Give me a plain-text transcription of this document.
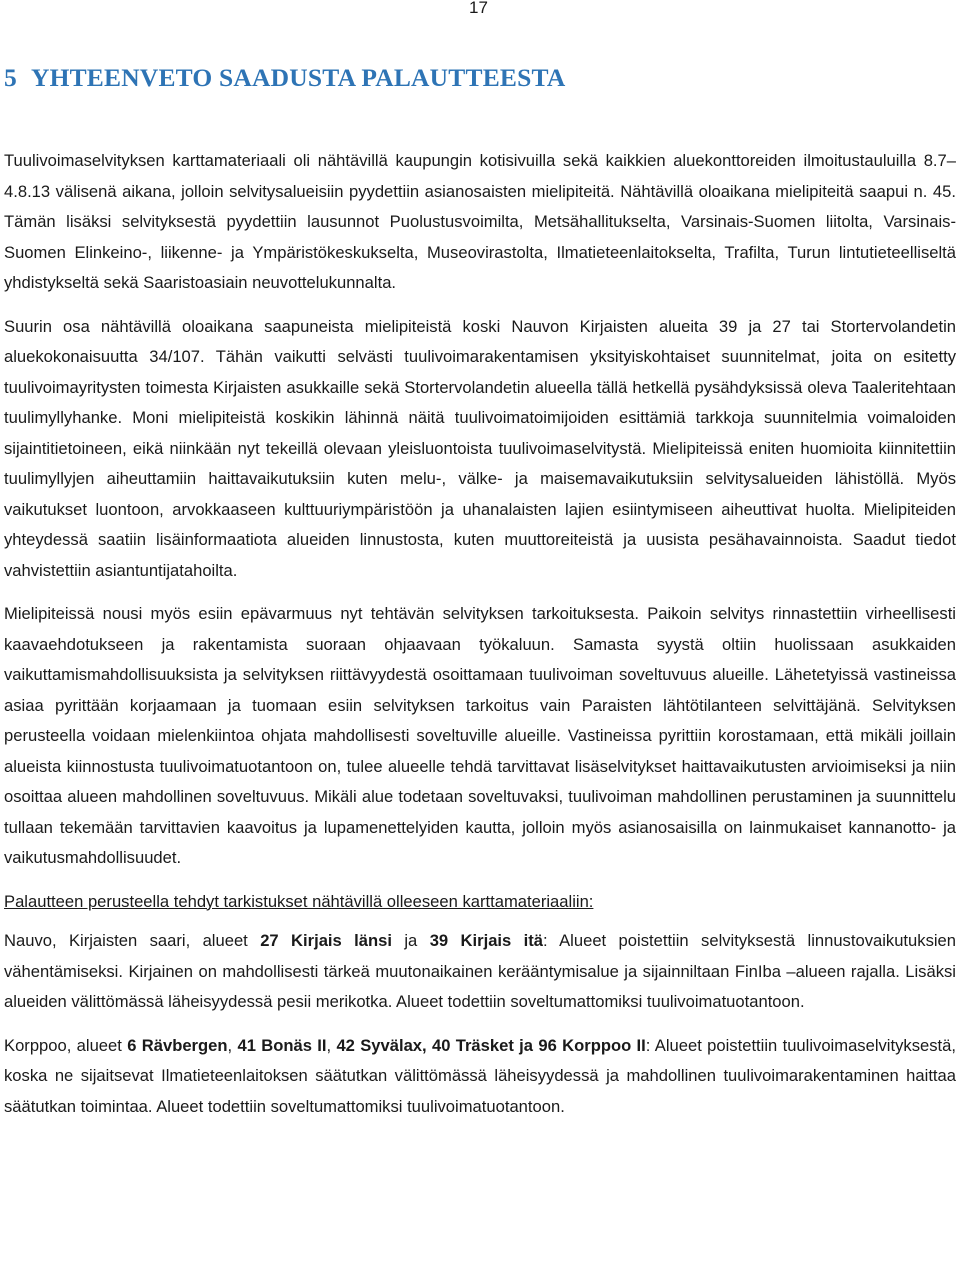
17
5 YHTEENVETO SAADUSTA PALAUTTEESTA

Tuulivoimaselvityksen karttamateriaali oli nähtävillä kaupungin kotisivuilla sekä kaikkien aluekonttoreiden ilmoitustauluilla 8.7–4.8.13 välisenä aikana, jolloin selvitysalueisiin pyydettiin asianosaisten mielipiteitä. Nähtävillä oloaikana mielipiteitä saapui n. 45. Tämän lisäksi selvityksestä pyydettiin lausunnot Puolustusvoimilta, Metsähallitukselta, Varsinais-Suomen liitolta, Varsinais-Suomen Elinkeino-, liikenne- ja Ympäristökeskukselta, Museovirastolta, Ilmatieteenlaitokselta, Trafilta, Turun lintutieteelliseltä yhdistykseltä sekä Saaristoasiain neuvottelukunnalta.

Suurin osa nähtävillä oloaikana saapuneista mielipiteistä koski Nauvon Kirjaisten alueita 39 ja 27 tai Stortervolandetin aluekokonaisuutta 34/107. Tähän vaikutti selvästi tuulivoimarakentamisen yksityiskohtaiset suunnitelmat, joita on esitetty tuulivoimayritysten toimesta Kirjaisten asukkaille sekä Stortervolandetin alueella tällä hetkellä pysähdyksissä oleva Taaleritehtaan tuulimyllyhanke. Moni mielipiteistä koskikin lähinnä näitä tuulivoimatoimijoiden esittämiä tarkkoja suunnitelmia voimaloiden sijaintitietoineen, eikä niinkään nyt tekeillä olevaan yleisluontoista tuulivoimaselvitystä. Mielipiteissä eniten huomioita kiinnitettiin tuulimyllyjen aiheuttamiin haittavaikutuksiin kuten melu-, välke- ja maisemavaikutuksiin selvitysalueiden lähistöllä. Myös vaikutukset luontoon, arvokkaaseen kulttuuriympäristöön ja uhanalaisten lajien esiintymiseen aiheuttivat huolta. Mielipiteiden yhteydessä saatiin lisäinformaatiota alueiden linnustosta, kuten muuttoreiteistä ja uusista pesähavainnoista. Saadut tiedot vahvistettiin asiantuntijatahoilta.

Mielipiteissä nousi myös esiin epävarmuus nyt tehtävän selvityksen tarkoituksesta. Paikoin selvitys rinnastettiin virheellisesti kaavaehdotukseen ja rakentamista suoraan ohjaavaan työkaluun. Samasta syystä oltiin huolissaan asukkaiden vaikuttamismahdollisuuksista ja selvityksen riittävyydestä osoittamaan tuulivoiman soveltuvuus alueille. Lähetetyissä vastineissa asiaa pyrittään korjaamaan ja tuomaan esiin selvityksen tarkoitus vain Paraisten lähtötilanteen selvittäjänä. Selvityksen perusteella voidaan mielenkiintoa ohjata mahdollisesti soveltuville alueille. Vastineissa pyrittiin korostamaan, että mikäli joillain alueista kiinnostusta tuulivoimatuotantoon on, tulee alueelle tehdä tarvittavat lisäselvitykset haittavaikutusten arvioimiseksi ja niin osoittaa alueen mahdollinen soveltuvuus. Mikäli alue todetaan soveltuvaksi, tuulivoiman mahdollinen perustaminen ja suunnittelu tullaan tekemään tarvittavien kaavoitus ja lupamenettelyiden kautta, jolloin myös asianosaisilla on lainmukaiset kannanotto- ja vaikutusmahdollisuudet.

Palautteen perusteella tehdyt tarkistukset nähtävillä olleeseen karttamateriaaliin:

Nauvo, Kirjaisten saari, alueet 27 Kirjais länsi ja 39 Kirjais itä: Alueet poistettiin selvityksestä linnustovaikutuksien vähentämiseksi. Kirjainen on mahdollisesti tärkeä muutonaikainen kerääntymisalue ja sijainniltaan FinIba –alueen rajalla. Lisäksi alueiden välittömässä läheisyydessä pesii merikotka. Alueet todettiin soveltumattomiksi tuulivoimatuotantoon.

Korppoo, alueet 6 Rävbergen, 41 Bonäs II, 42 Syvälax, 40 Träsket ja 96 Korppoo II: Alueet poistettiin tuulivoimaselvityksestä, koska ne sijaitsevat Ilmatieteenlaitoksen säätutkan välittömässä läheisyydessä ja mahdollinen tuulivoimarakentaminen haittaa säätutkan toimintaa. Alueet todettiin soveltumattomiksi tuulivoimatuotantoon.
